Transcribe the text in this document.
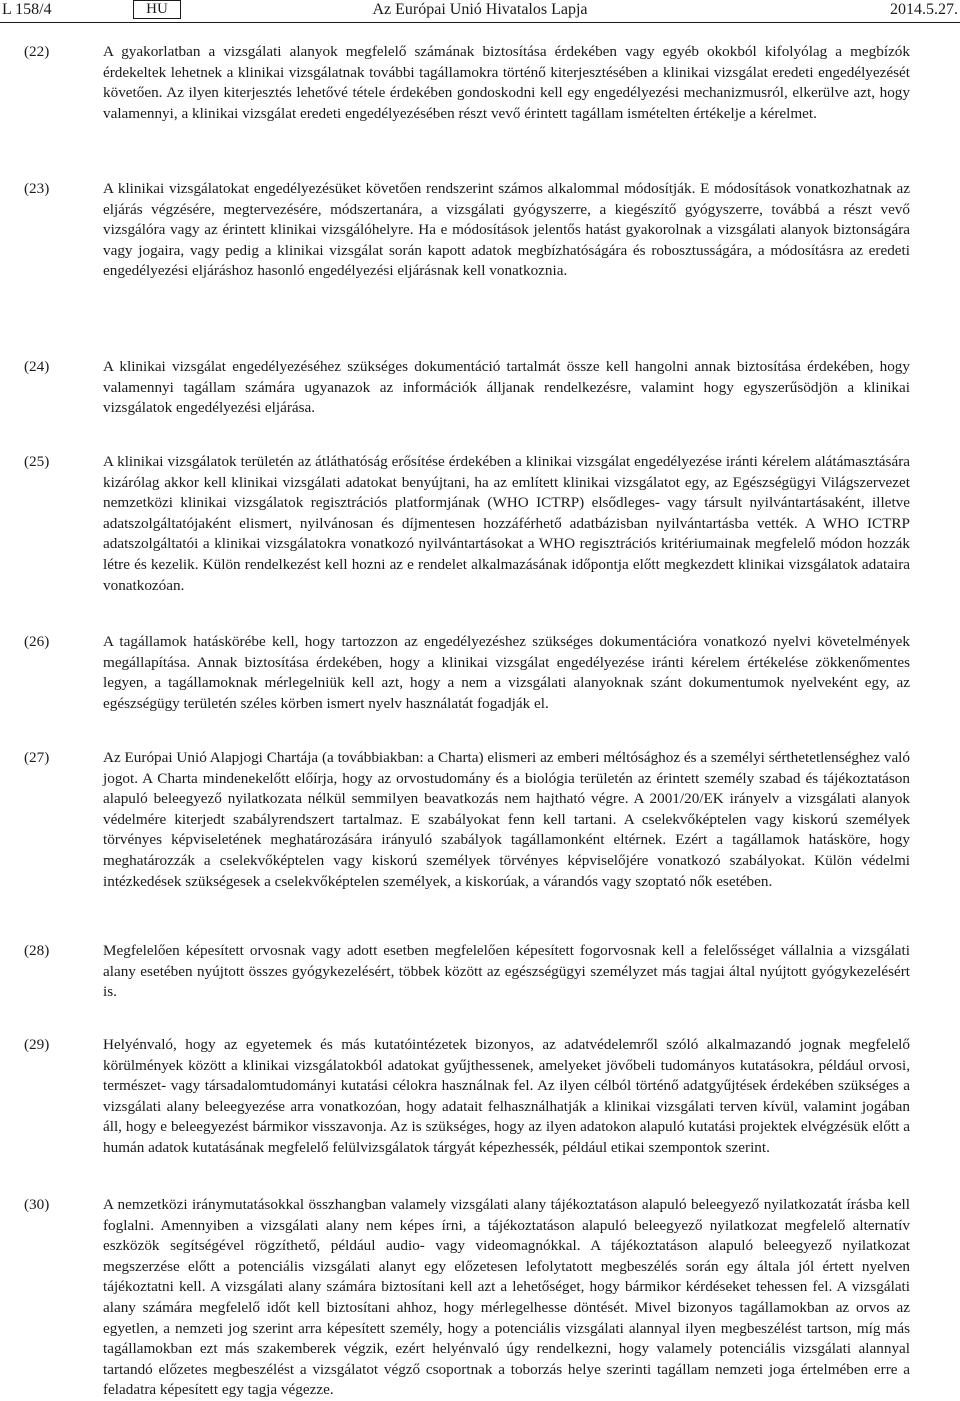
L 158/4	Az Európai Unió Hivatalos Lapja
HU	2014.5.27.
(22)	A gyakorlatban a vizsgálati alanyok megfelelő számának biztosítása érdekében vagy egyéb okokból kifolyólag a megbízók érdekeltek lehetnek a klinikai vizsgálatnak további tagállamokra történő kiterjesztésében a klinikai vizsgálat eredeti engedélyezését követően. Az ilyen kiterjesztés lehetővé tétele érdekében gondoskodni kell egy engedélyezési mechanizmusról, elkerülve azt, hogy valamennyi, a klinikai vizsgálat eredeti engedélyezésében részt vevő érintett tagállam ismételten értékelje a kérelmet.
(23)	A klinikai vizsgálatokat engedélyezésüket követően rendszerint számos alkalommal módosítják. E módosítások vonatkozhatnak az eljárás végzésére, megtervezésére, módszertanára, a vizsgálati gyógyszerre, a kiegészítő gyógyszerre, továbbá a részt vevő vizsgálóra vagy az érintett klinikai vizsgálóhelyre. Ha e módosítások jelentős hatást gyakorolnak a vizsgálati alanyok biztonságára vagy jogaira, vagy pedig a klinikai vizsgálat során kapott adatok megbízhatóságára és robosztusságára, a módosításra az eredeti engedélyezési eljáráshoz hasonló engedélyezési eljárásnak kell vonatkoznia.
(24)	A klinikai vizsgálat engedélyezéséhez szükséges dokumentáció tartalmát össze kell hangolni annak biztosítása érdekében, hogy valamennyi tagállam számára ugyanazok az információk álljanak rendelkezésre, valamint hogy egyszerűsödjön a klinikai vizsgálatok engedélyezési eljárása.
(25)	A klinikai vizsgálatok területén az átláthatóság erősítése érdekében a klinikai vizsgálat engedélyezése iránti kérelem alátámasztására kizárólag akkor kell klinikai vizsgálati adatokat benyújtani, ha az említett klinikai vizsgálatot egy, az Egészségügyi Világszervezet nemzetközi klinikai vizsgálatok regisztrációs platformjának (WHO ICTRP) elsődleges- vagy társult nyilvántartásaként, illetve adatszolgáltatójaként elismert, nyilvánosan és díjmentesen hozzáférhető adatbázisban nyilvántartásba vették. A WHO ICTRP adatszolgáltatói a klinikai vizsgálatokra vonatkozó nyilvántartásokat a WHO regisztrációs kritériumainak megfelelő módon hozzák létre és kezelik. Külön rendelkezést kell hozni az e rendelet alkalmazásának időpontja előtt megkezdett klinikai vizsgálatok adataira vonatkozóan.
(26)	A tagállamok hatáskörébe kell, hogy tartozzon az engedélyezéshez szükséges dokumentációra vonatkozó nyelvi követelmények megállapítása. Annak biztosítása érdekében, hogy a klinikai vizsgálat engedélyezése iránti kérelem értékelése zökkenőmentes legyen, a tagállamoknak mérlegelniük kell azt, hogy a nem a vizsgálati alanyoknak szánt dokumentumok nyelveként egy, az egészségügy területén széles körben ismert nyelv használatát fogadják el.
(27)	Az Európai Unió Alapjogi Chartája (a továbbiakban: a Charta) elismeri az emberi méltósághoz és a személyi sérthetetlenséghez való jogot. A Charta mindenekelőtt előírja, hogy az orvostudomány és a biológia területén az érintett személy szabad és tájékoztatáson alapuló beleegyező nyilatkozata nélkül semmilyen beavatkozás nem hajtható végre. A 2001/20/EK irányelv a vizsgálati alanyok védelmére kiterjedt szabályrendszert tartalmaz. E szabályokat fenn kell tartani. A cselekvőképtelen vagy kiskorú személyek törvényes képviseletének meghatározására irányuló szabályok tagállamonként eltérnek. Ezért a tagállamok hatásköre, hogy meghatározzák a cselekvőképtelen vagy kiskorú személyek törvényes képviselőjére vonatkozó szabályokat. Külön védelmi intézkedések szükségesek a cselekvőképtelen személyek, a kiskorúak, a várandós vagy szoptató nők esetében.
(28)	Megfelelően képesített orvosnak vagy adott esetben megfelelően képesített fogorvosnak kell a felelősséget vállalnia a vizsgálati alany esetében nyújtott összes gyógykezelésért, többek között az egészségügyi személyzet más tagjai által nyújtott gyógykezelésért is.
(29)	Helyénvaló, hogy az egyetemek és más kutatóintézetek bizonyos, az adatvédelemről szóló alkalmazandó jognak megfelelő körülmények között a klinikai vizsgálatokból adatokat gyűjthessenek, amelyeket jövőbeli tudományos kutatásokra, például orvosi, természet- vagy társadalomtudományi kutatási célokra használnak fel. Az ilyen célból történő adatgyűjtések érdekében szükséges a vizsgálati alany beleegyezése arra vonatkozóan, hogy adatait felhasználhatják a klinikai vizsgálati terven kívül, valamint jogában áll, hogy e beleegyezést bármikor visszavonja. Az is szükséges, hogy az ilyen adatokon alapuló kutatási projektek elvégzésük előtt a humán adatok kutatásának megfelelő felülvizsgálatok tárgyát képezhessék, például etikai szempontok szerint.
(30)	A nemzetközi iránymutatásokkal összhangban valamely vizsgálati alany tájékoztatáson alapuló beleegyező nyilatkozatát írásba kell foglalni. Amennyiben a vizsgálati alany nem képes írni, a tájékoztatáson alapuló beleegyező nyilatkozat megfelelő alternatív eszközök segítségével rögzíthető, például audio- vagy videomagnókkal. A tájékoztatáson alapuló beleegyező nyilatkozat megszerzése előtt a potenciális vizsgálati alanyt egy előzetesen lefolytatott megbeszélés során egy általa jól értett nyelven tájékoztatni kell. A vizsgálati alany számára biztosítani kell azt a lehetőséget, hogy bármikor kérdéseket tehessen fel. A vizsgálati alany számára megfelelő időt kell biztosítani ahhoz, hogy mérlegelhesse döntését. Mivel bizonyos tagállamokban az orvos az egyetlen, a nemzeti jog szerint arra képesített személy, hogy a potenciális vizsgálati alannyal ilyen megbeszélést tartson, míg más tagállamokban ezt más szakemberek végzik, ezért helyénvaló úgy rendelkezni, hogy valamely potenciális vizsgálati alannyal tartandó előzetes megbeszélést a vizsgálatot végző csoportnak a toborzás helye szerinti tagállam nemzeti joga értelmében erre a feladatra képesített egy tagja végezze.
